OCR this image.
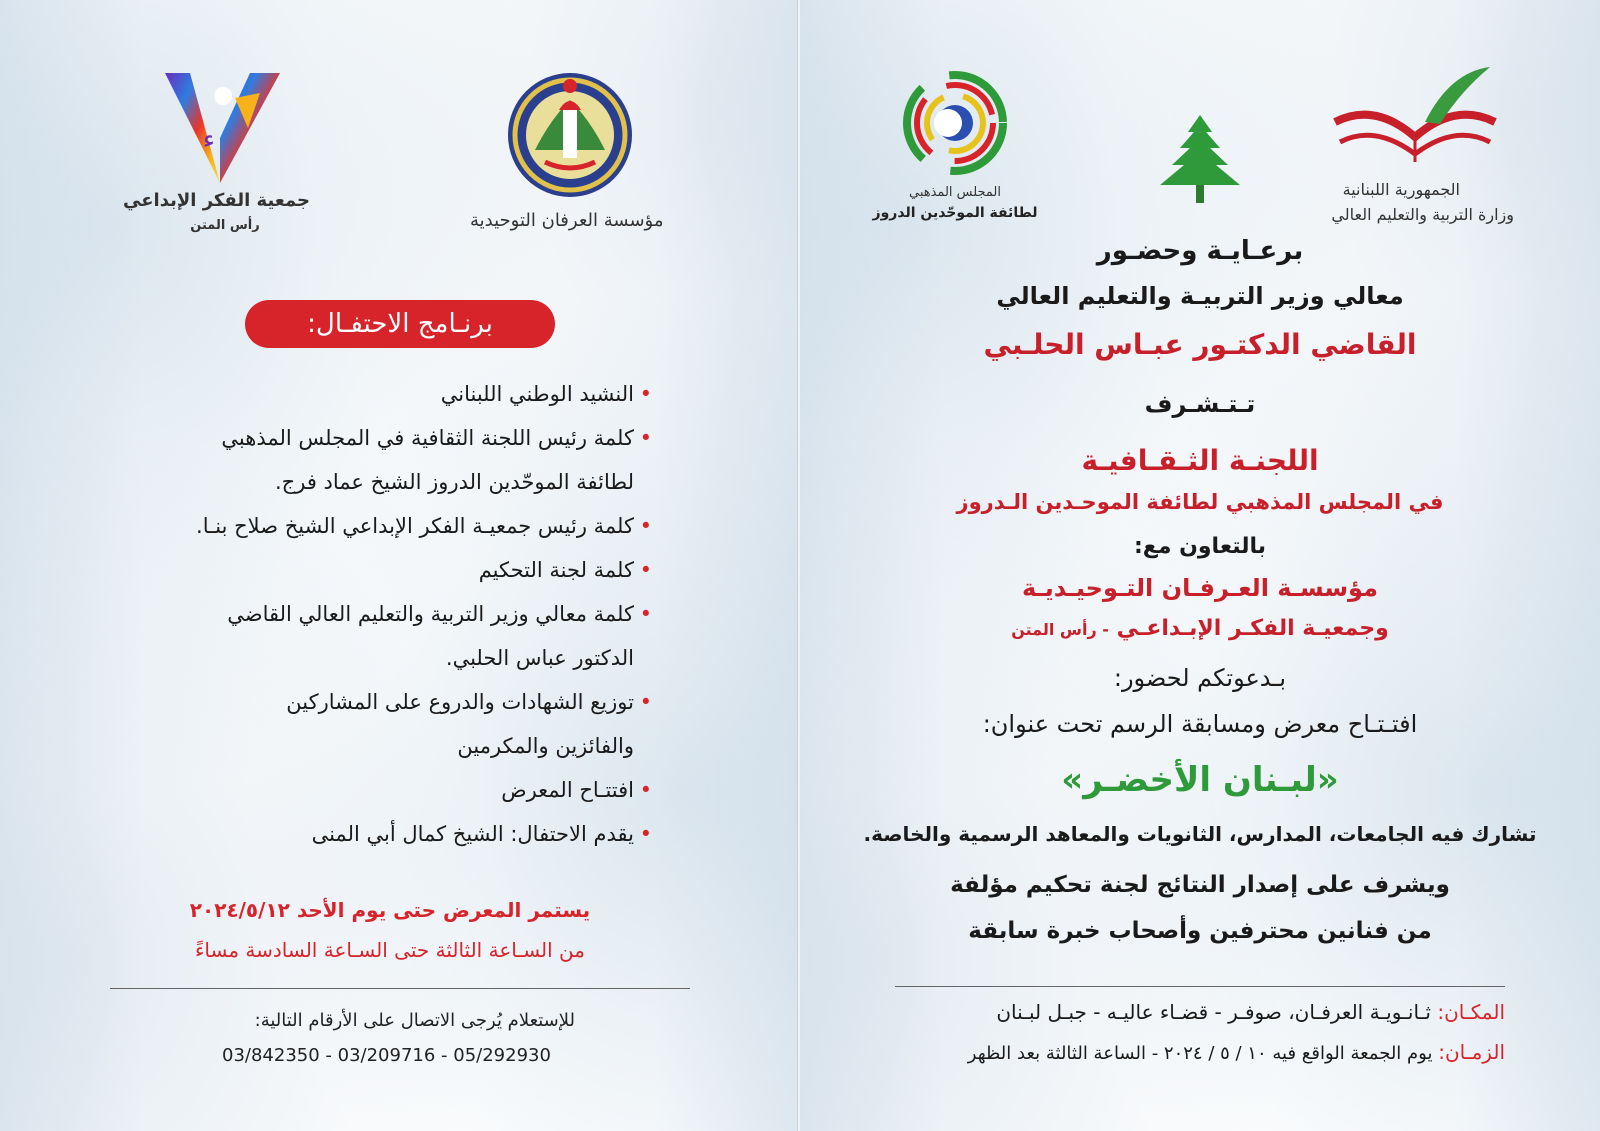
مؤسسة العرفان التوحيدية
ء
جمعية الفكر الإبداعي
رأس المتن
برنـامج الاحتفـال:
• النشيد الوطني اللبناني
• كلمة رئيس اللجنة الثقافية في المجلس المذهبي
لطائفة الموحّدين الدروز الشيخ عماد فرج.
• كلمة رئيس جمعيـة الفكر الإبداعي الشيخ صلاح بنـا.
• كلمة لجنة التحكيم
• كلمة معالي وزير التربية والتعليم العالي القاضي
الدكتور عباس الحلبي.
• توزيع الشهادات والدروع على المشاركين
والفائزين والمكرمين
• افتتـاح المعرض
• يقدم الاحتفال: الشيخ كمال أبي المنى
يستمر المعرض حتى يوم الأحد ٢٠٢٤/٥/١٢
من السـاعة الثالثة حتى السـاعة السادسة مساءً
للإستعلام يُرجى الاتصال على الأرقام التالية:
03/842350 - 03/209716 - 05/292930
الجمهورية اللبنانية
وزارة التربية والتعليم العالي
المجلس المذهبي
لطائفة الموحّدين الدروز
برعـايـة وحضـور
معالي وزير التربيـة والتعليم العالي
القاضي الدكتـور عبـاس الحلـبي
تـتـشـرف
اللجنـة الثـقـافيـة
في المجلس المذهبي لطائفة الموحـدين الـدروز
بالتعاون مع:
مؤسسـة العـرفـان التـوحيـديـة
وجمعيـة الفكـر الإبـداعـي - رأس المتن
بـدعوتكم لحضور:
افتـتـاح معرض ومسابقة الرسم تحت عنوان:
«لبـنان الأخضـر»
تشارك فيه الجامعات، المدارس، الثانويات والمعاهد الرسمية والخاصة.
ويشرف على إصدار النتائج لجنة تحكيم مؤلفة
من فنانين محترفين وأصحاب خبرة سابقة
المكـان: ثـانـويـة العرفـان، صوفـر - قضـاء عاليـه - جبـل لبـنان
الزمـان: يوم الجمعة الواقع فيه ١٠ / ٥ / ٢٠٢٤ - الساعة الثالثة بعد الظهر
